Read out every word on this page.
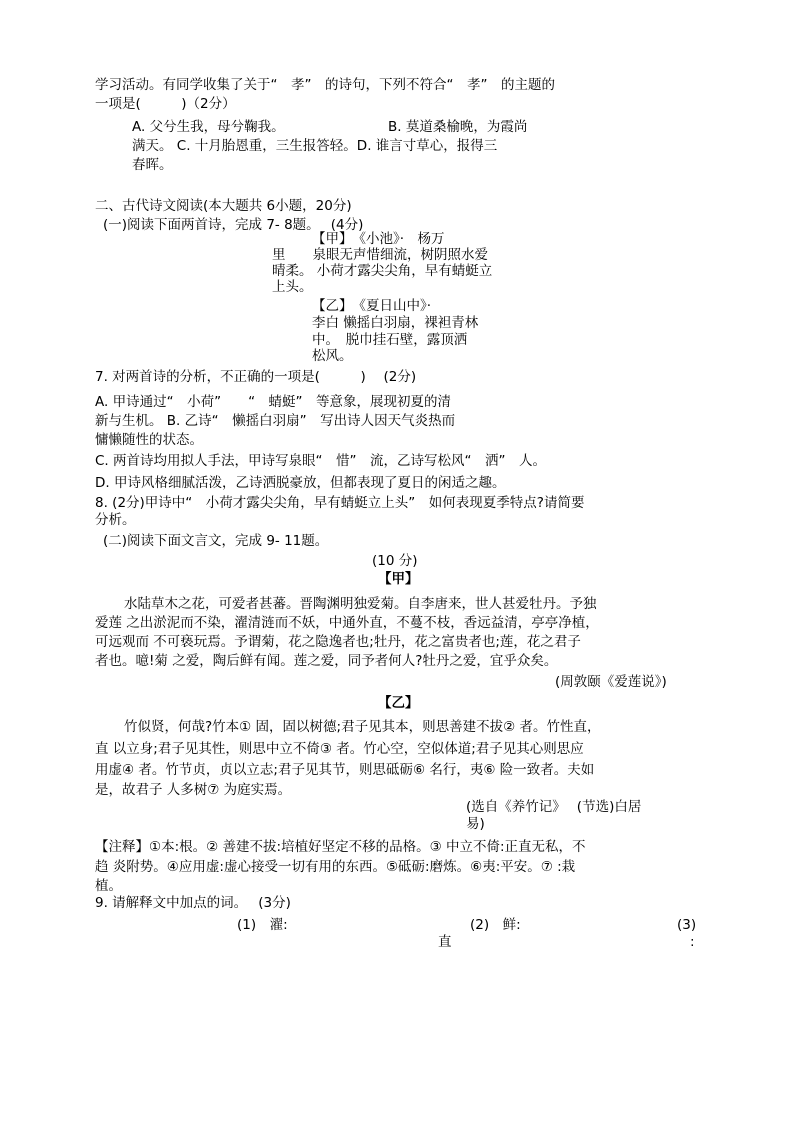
学习活动。有同学收集了关于“　孝”　的诗句，下列不符合“　孝”　的主题的
一项是(　　　)（2分）
A. 父兮生我，母兮鞠我。	B. 莫道桑榆晚，为霞尚
满天。 C. 十月胎恩重，三生报答轻。D. 谁言寸草心，报得三
春晖。
二、古代诗文阅读(本大题共 6小题，20分)
(一)阅读下面两首诗，完成 7- 8题。　 (4分)
【甲】　《小池》·　杨万
里　　泉眼无声惜细流，树阴照水爱
晴柔。 小荷才露尖尖角，早有蜻蜓立
上头。
【乙】　《夏日山中》·
李白 懒摇白羽扇，裸袒青林
中。　脱巾挂石壁，露顶洒
松风。
7. 对两首诗的分析，不正确的一项是(　　　)　 (2分)
A. 甲诗通过“　小荷”　　“　蜻蜓”　等意象，展现初夏的清
新与生机。 B. 乙诗“　懒摇白羽扇”　写出诗人因天气炎热而
慵懒随性的状态。
C. 两首诗均用拟人手法，甲诗写泉眼“　惜”　流，乙诗写松风“　洒”　人。
D. 甲诗风格细腻活泼，乙诗洒脱豪放，但都表现了夏日的闲适之趣。
8. (2分)甲诗中“　小荷才露尖尖角，早有蜻蜓立上头”　如何表现夏季特点?请简要
分析。
(二)阅读下面文言文，完成 9- 11题。
(10 分)
【甲】
水陆草木之花，可爱者甚蕃。晋陶渊明独爱菊。自李唐来，世人甚爱牡丹。予独
爱莲 之出淤泥而不染，濯清涟而不妖，中通外直，不蔓不枝，香远益清，亭亭净植，
可远观而 不可亵玩焉。予谓菊，花之隐逸者也;牡丹，花之富贵者也;莲，花之君子
者也。噫!菊 之爱，陶后鲜有闻。莲之爱，同予者何人?牡丹之爱，宜乎众矣。
(周敦颐《爱莲说》)
【乙】
竹似贤，何哉?竹本① 固，固以树德;君子见其本，则思善建不拔② 者。竹性直，
直 以立身;君子见其性，则思中立不倚③ 者。竹心空，空似体道;君子见其心则思应
用虚④ 者。竹节贞，贞以立志;君子见其节，则思砥砺⑥ 名行，夷⑥ 险一致者。夫如
是，故君子 人多树⑦ 为庭实焉。
(选自《养竹记》　 (节选)白居
易)
【注释】①本:根。② 善建不拔:培植好坚定不移的品格。③ 中立不倚:正直无私，不
趋 炎附势。④应用虚:虚心接受一切有用的东西。⑤砥砺:磨炼。⑥夷:平安。⑦ :栽
植。
9. 请解释文中加点的词。　 (3分)
(1)　濯:	(2)　鲜:	(3)
直	:
